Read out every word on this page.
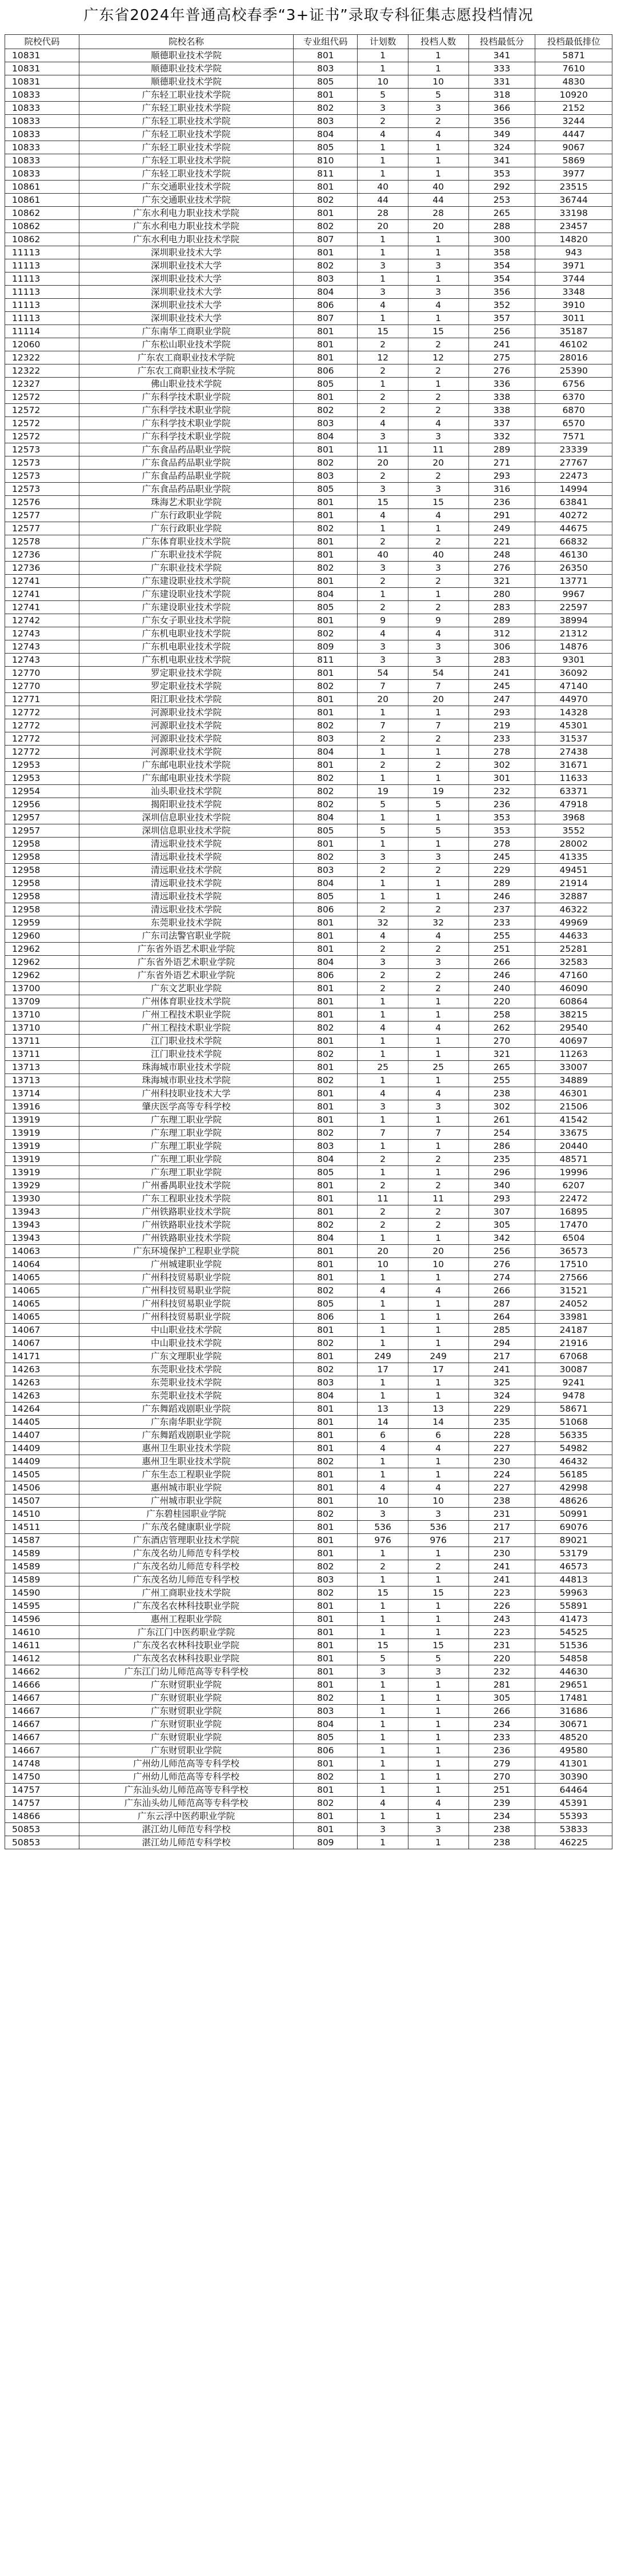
广东省2024年普通高校春季“3+证书”录取专科征集志愿投档情况
院校代码	院校名称	专业组代码	计划数	投档人数	投档最低分	投档最低排位
10831	顺德职业技术学院	801	1	1	341	5871
10831	顺德职业技术学院	803	1	1	333	7610
10831	顺德职业技术学院	805	10	10	331	4830
10833	广东轻工职业技术学院	801	5	5	318	10920
10833	广东轻工职业技术学院	802	3	3	366	2152
10833	广东轻工职业技术学院	803	2	2	356	3244
10833	广东轻工职业技术学院	804	4	4	349	4447
10833	广东轻工职业技术学院	805	1	1	324	9067
10833	广东轻工职业技术学院	810	1	1	341	5869
10833	广东轻工职业技术学院	811	1	1	353	3977
10861	广东交通职业技术学院	801	40	40	292	23515
10861	广东交通职业技术学院	802	44	44	253	36744
10862	广东水利电力职业技术学院	801	28	28	265	33198
10862	广东水利电力职业技术学院	802	20	20	288	23457
10862	广东水利电力职业技术学院	807	1	1	300	14820
11113	深圳职业技术大学	801	1	1	358	943
11113	深圳职业技术大学	802	3	3	354	3971
11113	深圳职业技术大学	803	1	1	354	3744
11113	深圳职业技术大学	804	3	3	356	3348
11113	深圳职业技术大学	806	4	4	352	3910
11113	深圳职业技术大学	807	1	1	357	3011
11114	广东南华工商职业学院	801	15	15	256	35187
12060	广东松山职业技术学院	801	2	2	241	46102
12322	广东农工商职业技术学院	801	12	12	275	28016
12322	广东农工商职业技术学院	806	2	2	276	25390
12327	佛山职业技术学院	805	1	1	336	6756
12572	广东科学技术职业学院	801	2	2	338	6370
12572	广东科学技术职业学院	802	2	2	338	6870
12572	广东科学技术职业学院	803	4	4	337	6570
12572	广东科学技术职业学院	804	3	3	332	7571
12573	广东食品药品职业学院	801	11	11	289	23339
12573	广东食品药品职业学院	802	20	20	271	27767
12573	广东食品药品职业学院	803	2	2	293	22473
12573	广东食品药品职业学院	805	3	3	316	14994
12576	珠海艺术职业学院	801	15	15	236	63841
12577	广东行政职业学院	801	4	4	291	40272
12577	广东行政职业学院	802	1	1	249	44675
12578	广东体育职业技术学院	801	2	2	221	66832
12736	广东职业技术学院	801	40	40	248	46130
12736	广东职业技术学院	802	3	3	276	26350
12741	广东建设职业技术学院	801	2	2	321	13771
12741	广东建设职业技术学院	804	1	1	280	9967
12741	广东建设职业技术学院	805	2	2	283	22597
12742	广东女子职业技术学院	801	9	9	289	38994
12743	广东机电职业技术学院	802	4	4	312	21312
12743	广东机电职业技术学院	809	3	3	306	14876
12743	广东机电职业技术学院	811	3	3	283	9301
12770	罗定职业技术学院	801	54	54	241	36092
12770	罗定职业技术学院	802	7	7	245	47140
12771	阳江职业技术学院	801	20	20	247	44970
12772	河源职业技术学院	801	1	1	293	14328
12772	河源职业技术学院	802	7	7	219	45301
12772	河源职业技术学院	803	2	2	233	31537
12772	河源职业技术学院	804	1	1	278	27438
12953	广东邮电职业技术学院	801	2	2	302	31671
12953	广东邮电职业技术学院	802	1	1	301	11633
12954	汕头职业技术学院	802	19	19	232	63371
12956	揭阳职业技术学院	802	5	5	236	47918
12957	深圳信息职业技术学院	804	1	1	353	3968
12957	深圳信息职业技术学院	805	5	5	353	3552
12958	清远职业技术学院	801	1	1	278	28002
12958	清远职业技术学院	802	3	3	245	41335
12958	清远职业技术学院	803	2	2	229	49451
12958	清远职业技术学院	804	1	1	289	21914
12958	清远职业技术学院	805	1	1	246	32887
12958	清远职业技术学院	806	2	2	237	46322
12959	东莞职业技术学院	801	32	32	233	49969
12960	广东司法警官职业学院	801	4	4	255	44633
12962	广东省外语艺术职业学院	801	2	2	251	25281
12962	广东省外语艺术职业学院	804	3	3	266	32583
12962	广东省外语艺术职业学院	806	2	2	246	47160
13700	广东文艺职业学院	801	2	2	240	46090
13709	广州体育职业技术学院	801	1	1	220	60864
13710	广州工程技术职业学院	801	1	1	258	38215
13710	广州工程技术职业学院	802	4	4	262	29540
13711	江门职业技术学院	801	1	1	270	40697
13711	江门职业技术学院	802	1	1	321	11263
13713	珠海城市职业技术学院	801	25	25	265	33007
13713	珠海城市职业技术学院	802	1	1	255	34889
13714	广州科技职业技术大学	801	4	4	238	46301
13916	肇庆医学高等专科学校	801	3	3	302	21506
13919	广东理工职业学院	801	1	1	261	41542
13919	广东理工职业学院	802	7	7	254	33675
13919	广东理工职业学院	803	1	1	286	20440
13919	广东理工职业学院	804	2	2	235	48571
13919	广东理工职业学院	805	1	1	296	19996
13929	广州番禺职业技术学院	801	2	2	340	6207
13930	广东工程职业技术学院	801	11	11	293	22472
13943	广州铁路职业技术学院	801	2	2	307	16895
13943	广州铁路职业技术学院	802	2	2	305	17470
13943	广州铁路职业技术学院	804	1	1	342	6504
14063	广东环境保护工程职业学院	801	20	20	256	36573
14064	广州城建职业学院	801	10	10	276	17510
14065	广州科技贸易职业学院	801	1	1	274	27566
14065	广州科技贸易职业学院	802	4	4	266	31521
14065	广州科技贸易职业学院	805	1	1	287	24052
14065	广州科技贸易职业学院	806	1	1	264	33981
14067	中山职业技术学院	801	1	1	285	24187
14067	中山职业技术学院	802	1	1	294	21916
14171	广东文理职业学院	801	249	249	217	67068
14263	东莞职业技术学院	802	17	17	241	30087
14263	东莞职业技术学院	803	1	1	325	9241
14263	东莞职业技术学院	804	1	1	324	9478
14264	广东舞蹈戏剧职业学院	801	13	13	229	58671
14405	广东南华职业学院	801	14	14	235	51068
14407	广东舞蹈戏剧职业学院	801	6	6	228	56335
14409	惠州卫生职业技术学院	801	4	4	227	54982
14409	惠州卫生职业技术学院	802	1	1	230	46432
14505	广东生态工程职业学院	801	1	1	224	56185
14506	惠州城市职业学院	801	4	4	227	42998
14507	广州城市职业学院	801	10	10	238	48626
14510	广东碧桂园职业学院	802	3	3	231	50991
14511	广东茂名健康职业学院	801	536	536	217	69076
14587	广东酒店管理职业技术学院	801	976	976	217	89021
14589	广东茂名幼儿师范专科学校	801	1	1	230	53179
14589	广东茂名幼儿师范专科学校	802	2	2	241	46573
14589	广东茂名幼儿师范专科学校	803	1	1	241	44813
14590	广州工商职业技术学院	802	15	15	223	59963
14595	广东茂名农林科技职业学院	801	1	1	226	55891
14596	惠州工程职业学院	801	1	1	243	41473
14610	广东江门中医药职业学院	801	1	1	223	54525
14611	广东茂名农林科技职业学院	801	15	15	231	51536
14612	广东茂名农林科技职业学院	801	5	5	220	54858
14662	广东江门幼儿师范高等专科学校	801	3	3	232	44630
14666	广东财贸职业学院	801	1	1	281	29651
14667	广东财贸职业学院	802	1	1	305	17481
14667	广东财贸职业学院	803	1	1	266	31686
14667	广东财贸职业学院	804	1	1	234	30671
14667	广东财贸职业学院	805	1	1	233	48520
14667	广东财贸职业学院	806	1	1	236	49580
14748	广州幼儿师范高等专科学校	801	1	1	279	41301
14750	广州幼儿师范高等专科学校	802	1	1	270	30390
14757	广东汕头幼儿师范高等专科学校	801	1	1	251	64464
14757	广东汕头幼儿师范高等专科学校	802	4	4	239	45391
14866	广东云浮中医药职业学院	801	1	1	234	55393
50853	湛江幼儿师范专科学校	801	3	3	238	53833
50853	湛江幼儿师范专科学校	809	1	1	238	46225
